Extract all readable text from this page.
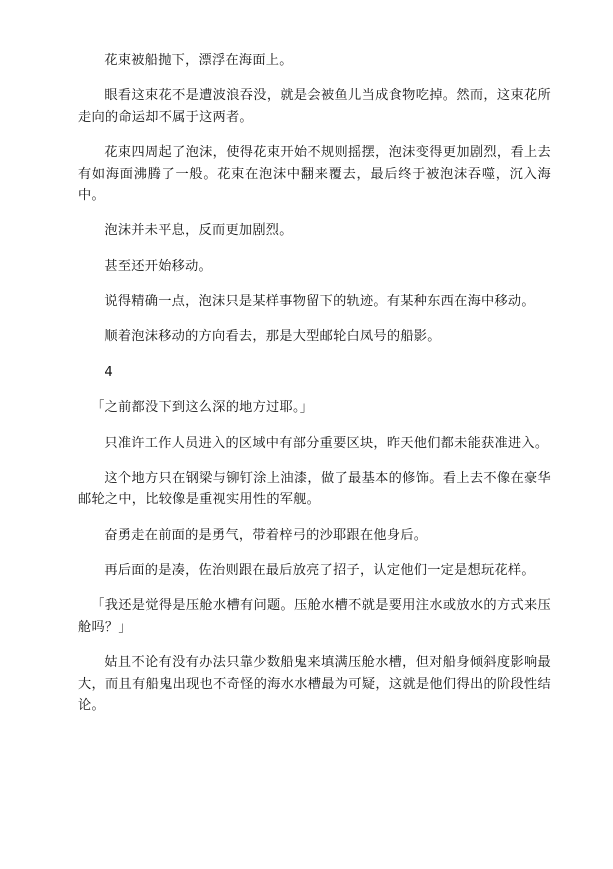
花束被船抛下，漂浮在海面上。

眼看这束花不是遭波浪吞没，就是会被鱼儿当成食物吃掉。然而，这束花所走向的命运却不属于这两者。

花束四周起了泡沫，使得花束开始不规则摇摆，泡沫变得更加剧烈，看上去有如海面沸腾了一般。花束在泡沫中翻来覆去，最后终于被泡沫吞噬，沉入海中。

泡沫并未平息，反而更加剧烈。

甚至还开始移动。

说得精确一点，泡沫只是某样事物留下的轨迹。有某种东西在海中移动。

顺着泡沫移动的方向看去，那是大型邮轮白凤号的船影。

4

「之前都没下到这么深的地方过耶。」

只准许工作人员进入的区域中有部分重要区块，昨天他们都未能获准进入。

这个地方只在钢梁与铆钉涂上油漆，做了最基本的修饰。看上去不像在豪华邮轮之中，比较像是重视实用性的军舰。

奋勇走在前面的是勇气，带着梓弓的沙耶跟在他身后。

再后面的是凑，佐治则跟在最后放亮了招子，认定他们一定是想玩花样。

「我还是觉得是压舱水槽有问题。压舱水槽不就是要用注水或放水的方式来压舱吗？」

姑且不论有没有办法只靠少数船鬼来填满压舱水槽，但对船身倾斜度影响最大，而且有船鬼出现也不奇怪的海水水槽最为可疑，这就是他们得出的阶段性结论。
